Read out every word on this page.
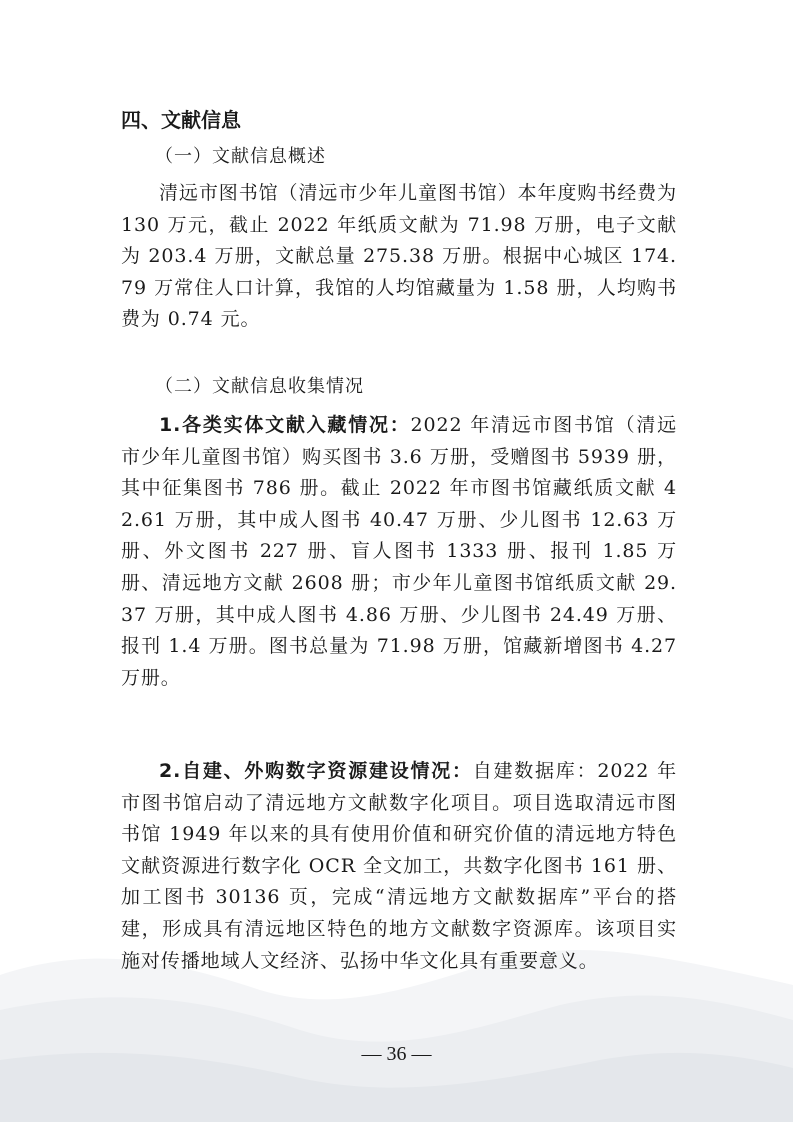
四、文献信息
（一）文献信息概述

清远市图书馆（清远市少年儿童图书馆）本年度购书经费为 130 万元，截止 2022 年纸质文献为 71.98 万册，电子文献为 203.4 万册，文献总量 275.38 万册。根据中心城区 174.79 万常住人口计算，我馆的人均馆藏量为 1.58 册，人均购书费为 0.74 元。

（二）文献信息收集情况

1.各类实体文献入藏情况：2022 年清远市图书馆（清远市少年儿童图书馆）购买图书 3.6 万册，受赠图书 5939 册，其中征集图书 786 册。截止 2022 年市图书馆藏纸质文献 42.61 万册，其中成人图书 40.47 万册、少儿图书 12.63 万册、外文图书 227 册、盲人图书 1333 册、报刊 1.85 万册、清远地方文献 2608 册；市少年儿童图书馆纸质文献 29.37 万册，其中成人图书 4.86 万册、少儿图书 24.49 万册、报刊 1.4 万册。图书总量为 71.98 万册，馆藏新增图书 4.27 万册。

2.自建、外购数字资源建设情况：自建数据库：2022 年市图书馆启动了清远地方文献数字化项目。项目选取清远市图书馆 1949 年以来的具有使用价值和研究价值的清远地方特色文献资源进行数字化 OCR 全文加工，共数字化图书 161 册、加工图书 30136 页，完成“清远地方文献数据库”平台的搭建，形成具有清远地区特色的地方文献数字资源库。该项目实施对传播地域人文经济、弘扬中华文化具有重要意义。

— 36 —
